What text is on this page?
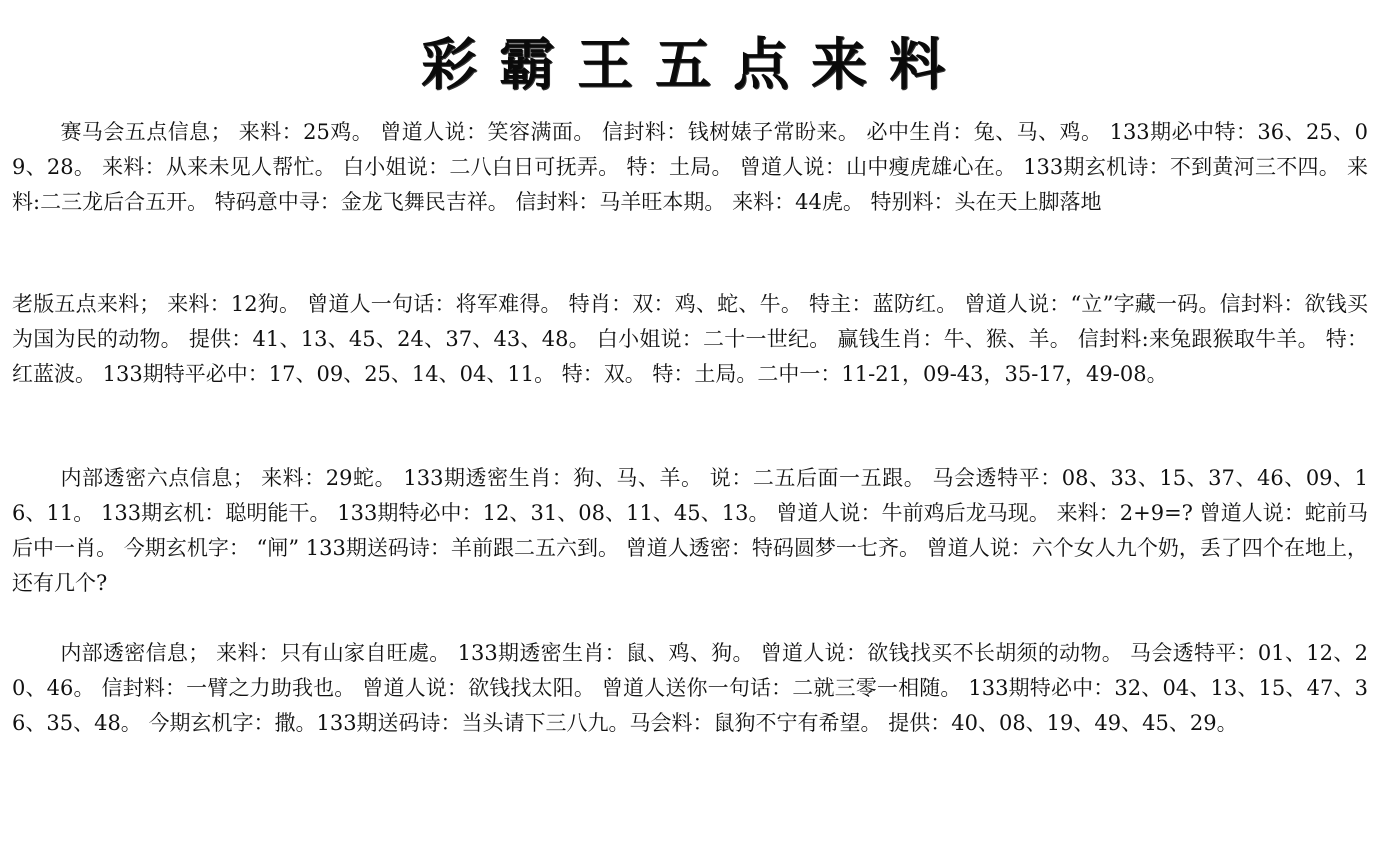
彩霸王五点来料

赛马会五点信息； 来料：25鸡。 曾道人说：笑容满面。 信封料：钱树婊子常盼来。 必中生肖：兔、马、鸡。 133期必中特：36、25、09、28。 来料：从来未见人帮忙。 白小姐说：二八白日可抚弄。 特：土局。 曾道人说：山中瘦虎雄心在。 133期玄机诗：不到黄河三不四。 来料:二三龙后合五开。 特码意中寻：金龙飞舞民吉祥。 信封料：马羊旺本期。 来料：44虎。 特别料：头在天上脚落地

老版五点来料； 来料：12狗。 曾道人一句话：将军难得。 特肖：双：鸡、蛇、牛。 特主：蓝防红。 曾道人说：“立”字藏一码。信封料：欲钱买为国为民的动物。 提供：41、13、45、24、37、43、48。 白小姐说：二十一世纪。 赢钱生肖：牛、猴、羊。 信封料:来兔跟猴取牛羊。 特：红蓝波。 133期特平必中：17、09、25、14、04、11。 特：双。 特：土局。二中一：11-21，09-43，35-17，49-08。

内部透密六点信息； 来料：29蛇。 133期透密生肖：狗、马、羊。 说：二五后面一五跟。 马会透特平：08、33、15、37、46、09、16、11。 133期玄机：聪明能干。 133期特必中：12、31、08、11、45、13。 曾道人说：牛前鸡后龙马现。 来料：2+9=? 曾道人说：蛇前马后中一肖。 今期玄机字： “闸” 133期送码诗：羊前跟二五六到。 曾道人透密：特码圆梦一七齐。 曾道人说：六个女人九个奶，丢了四个在地上，还有几个?

内部透密信息； 来料：只有山家自旺處。 133期透密生肖：鼠、鸡、狗。 曾道人说：欲钱找买不长胡须的动物。 马会透特平：01、12、20、46。 信封料：一臂之力助我也。 曾道人说：欲钱找太阳。 曾道人送你一句话：二就三零一相随。 133期特必中：32、04、13、15、47、36、35、48。 今期玄机字：撒。133期送码诗：当头请下三八九。马会料：鼠狗不宁有希望。 提供：40、08、19、49、45、29。
